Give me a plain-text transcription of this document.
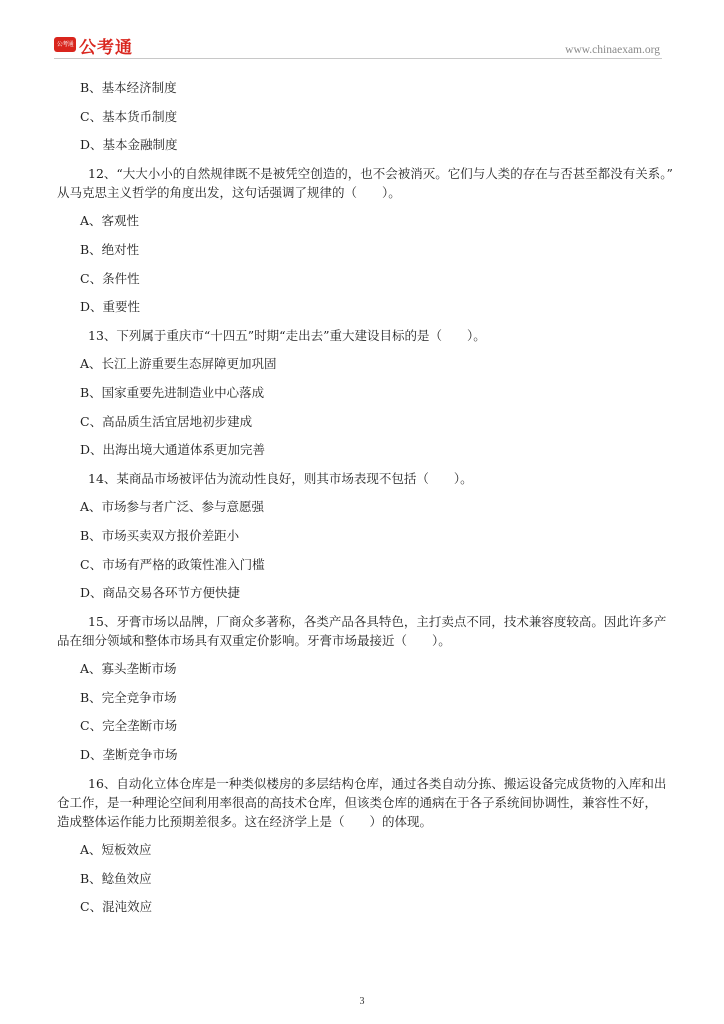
公考通 公考通	www.chinaexam.org
B、基本经济制度
C、基本货币制度
D、基本金融制度
12、“大大小小的自然规律既不是被凭空创造的，也不会被消灭。它们与人类的存在与否甚至都没有关系。”
从马克思主义哲学的角度出发，这句话强调了规律的（　　）。
A、客观性
B、绝对性
C、条件性
D、重要性
13、下列属于重庆市“十四五”时期“走出去”重大建设目标的是（　　）。
A、长江上游重要生态屏障更加巩固
B、国家重要先进制造业中心落成
C、高品质生活宜居地初步建成
D、出海出境大通道体系更加完善
14、某商品市场被评估为流动性良好，则其市场表现不包括（　　）。
A、市场参与者广泛、参与意愿强
B、市场买卖双方报价差距小
C、市场有严格的政策性准入门槛
D、商品交易各环节方便快捷
15、牙膏市场以品牌，厂商众多著称，各类产品各具特色，主打卖点不同，技术兼容度较高。因此许多产
品在细分领域和整体市场具有双重定价影响。牙膏市场最接近（　　）。
A、寡头垄断市场
B、完全竞争市场
C、完全垄断市场
D、垄断竞争市场
16、自动化立体仓库是一种类似楼房的多层结构仓库，通过各类自动分拣、搬运设备完成货物的入库和出
仓工作，是一种理论空间利用率很高的高技术仓库，但该类仓库的通病在于各子系统间协调性，兼容性不好，
造成整体运作能力比预期差很多。这在经济学上是（　　）的体现。
A、短板效应
B、鲶鱼效应
C、混沌效应
3
